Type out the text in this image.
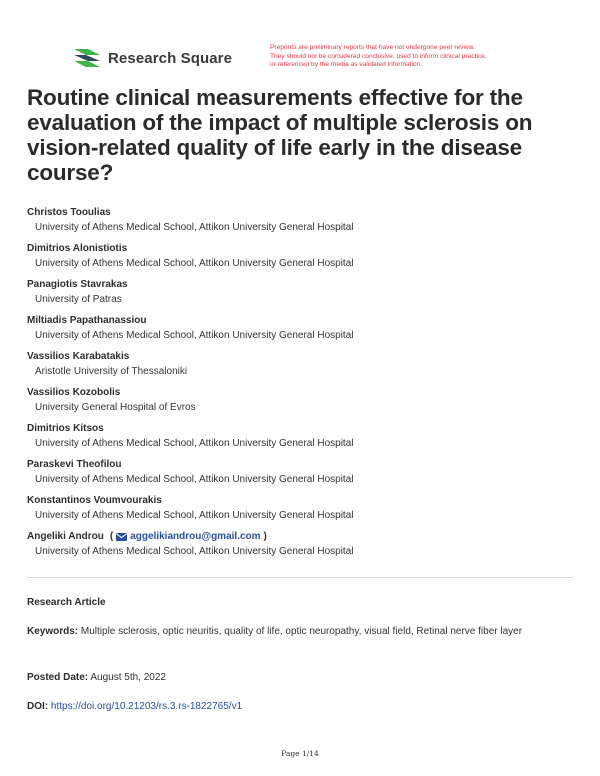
Research Square
Preprints are preliminary reports that have not undergone peer review.
They should not be considered conclusive, used to inform clinical practice,
or referenced by the media as validated information.
Routine clinical measurements effective for the evaluation of the impact of multiple sclerosis on vision-related quality of life early in the disease course?
Christos Tooulias
University of Athens Medical School, Attikon University General Hospital
Dimitrios Alonistiotis
University of Athens Medical School, Attikon University General Hospital
Panagiotis Stavrakas
University of Patras
Miltiadis Papathanassiou
University of Athens Medical School, Attikon University General Hospital
Vassilios Karabatakis
Aristotle University of Thessaloniki
Vassilios Kozobolis
University General Hospital of Evros
Dimitrios Kitsos
University of Athens Medical School, Attikon University General Hospital
Paraskevi Theofilou
University of Athens Medical School, Attikon University General Hospital
Konstantinos Voumvourakis
University of Athens Medical School, Attikon University General Hospital
Angeliki Androu ( aggelikiandrou@gmail.com )
University of Athens Medical School, Attikon University General Hospital
Research Article
Keywords: Multiple sclerosis, optic neuritis, quality of life, optic neuropathy, visual field, Retinal nerve fiber layer
Posted Date: August 5th, 2022
DOI: https://doi.org/10.21203/rs.3.rs-1822765/v1
Page 1/14
